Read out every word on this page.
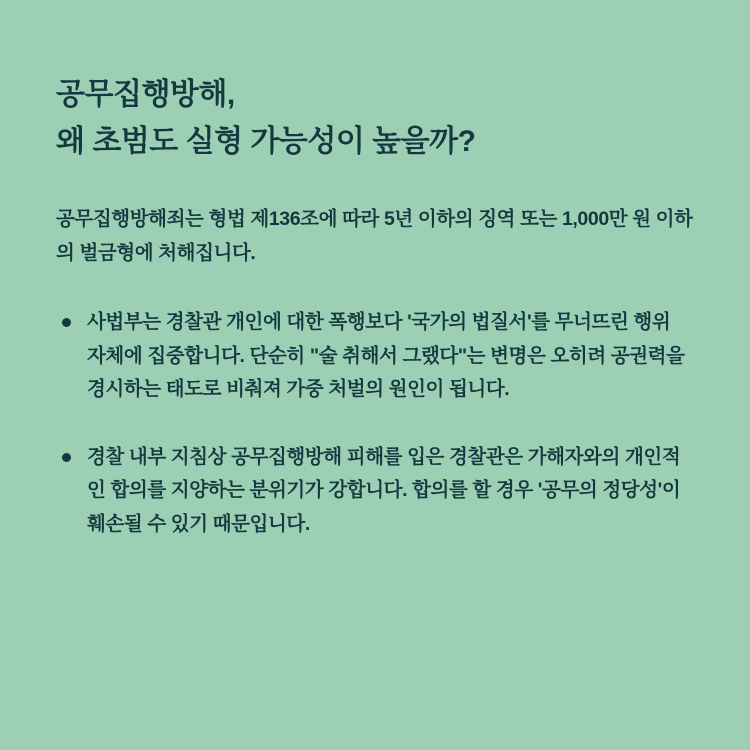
공무집행방해,
왜 초범도 실형 가능성이 높을까?

공무집행방해죄는 형법 제136조에 따라 5년 이하의 징역 또는 1,000만 원 이하의 벌금형에 처해집니다.

사법부는 경찰관 개인에 대한 폭행보다 '국가의 법질서'를 무너뜨린 행위 자체에 집중합니다. 단순히 "술 취해서 그랬다"는 변명은 오히려 공권력을 경시하는 태도로 비춰져 가중 처벌의 원인이 됩니다.
경찰 내부 지침상 공무집행방해 피해를 입은 경찰관은 가해자와의 개인적인 합의를 지양하는 분위기가 강합니다. 합의를 할 경우 '공무의 정당성'이 훼손될 수 있기 때문입니다.
